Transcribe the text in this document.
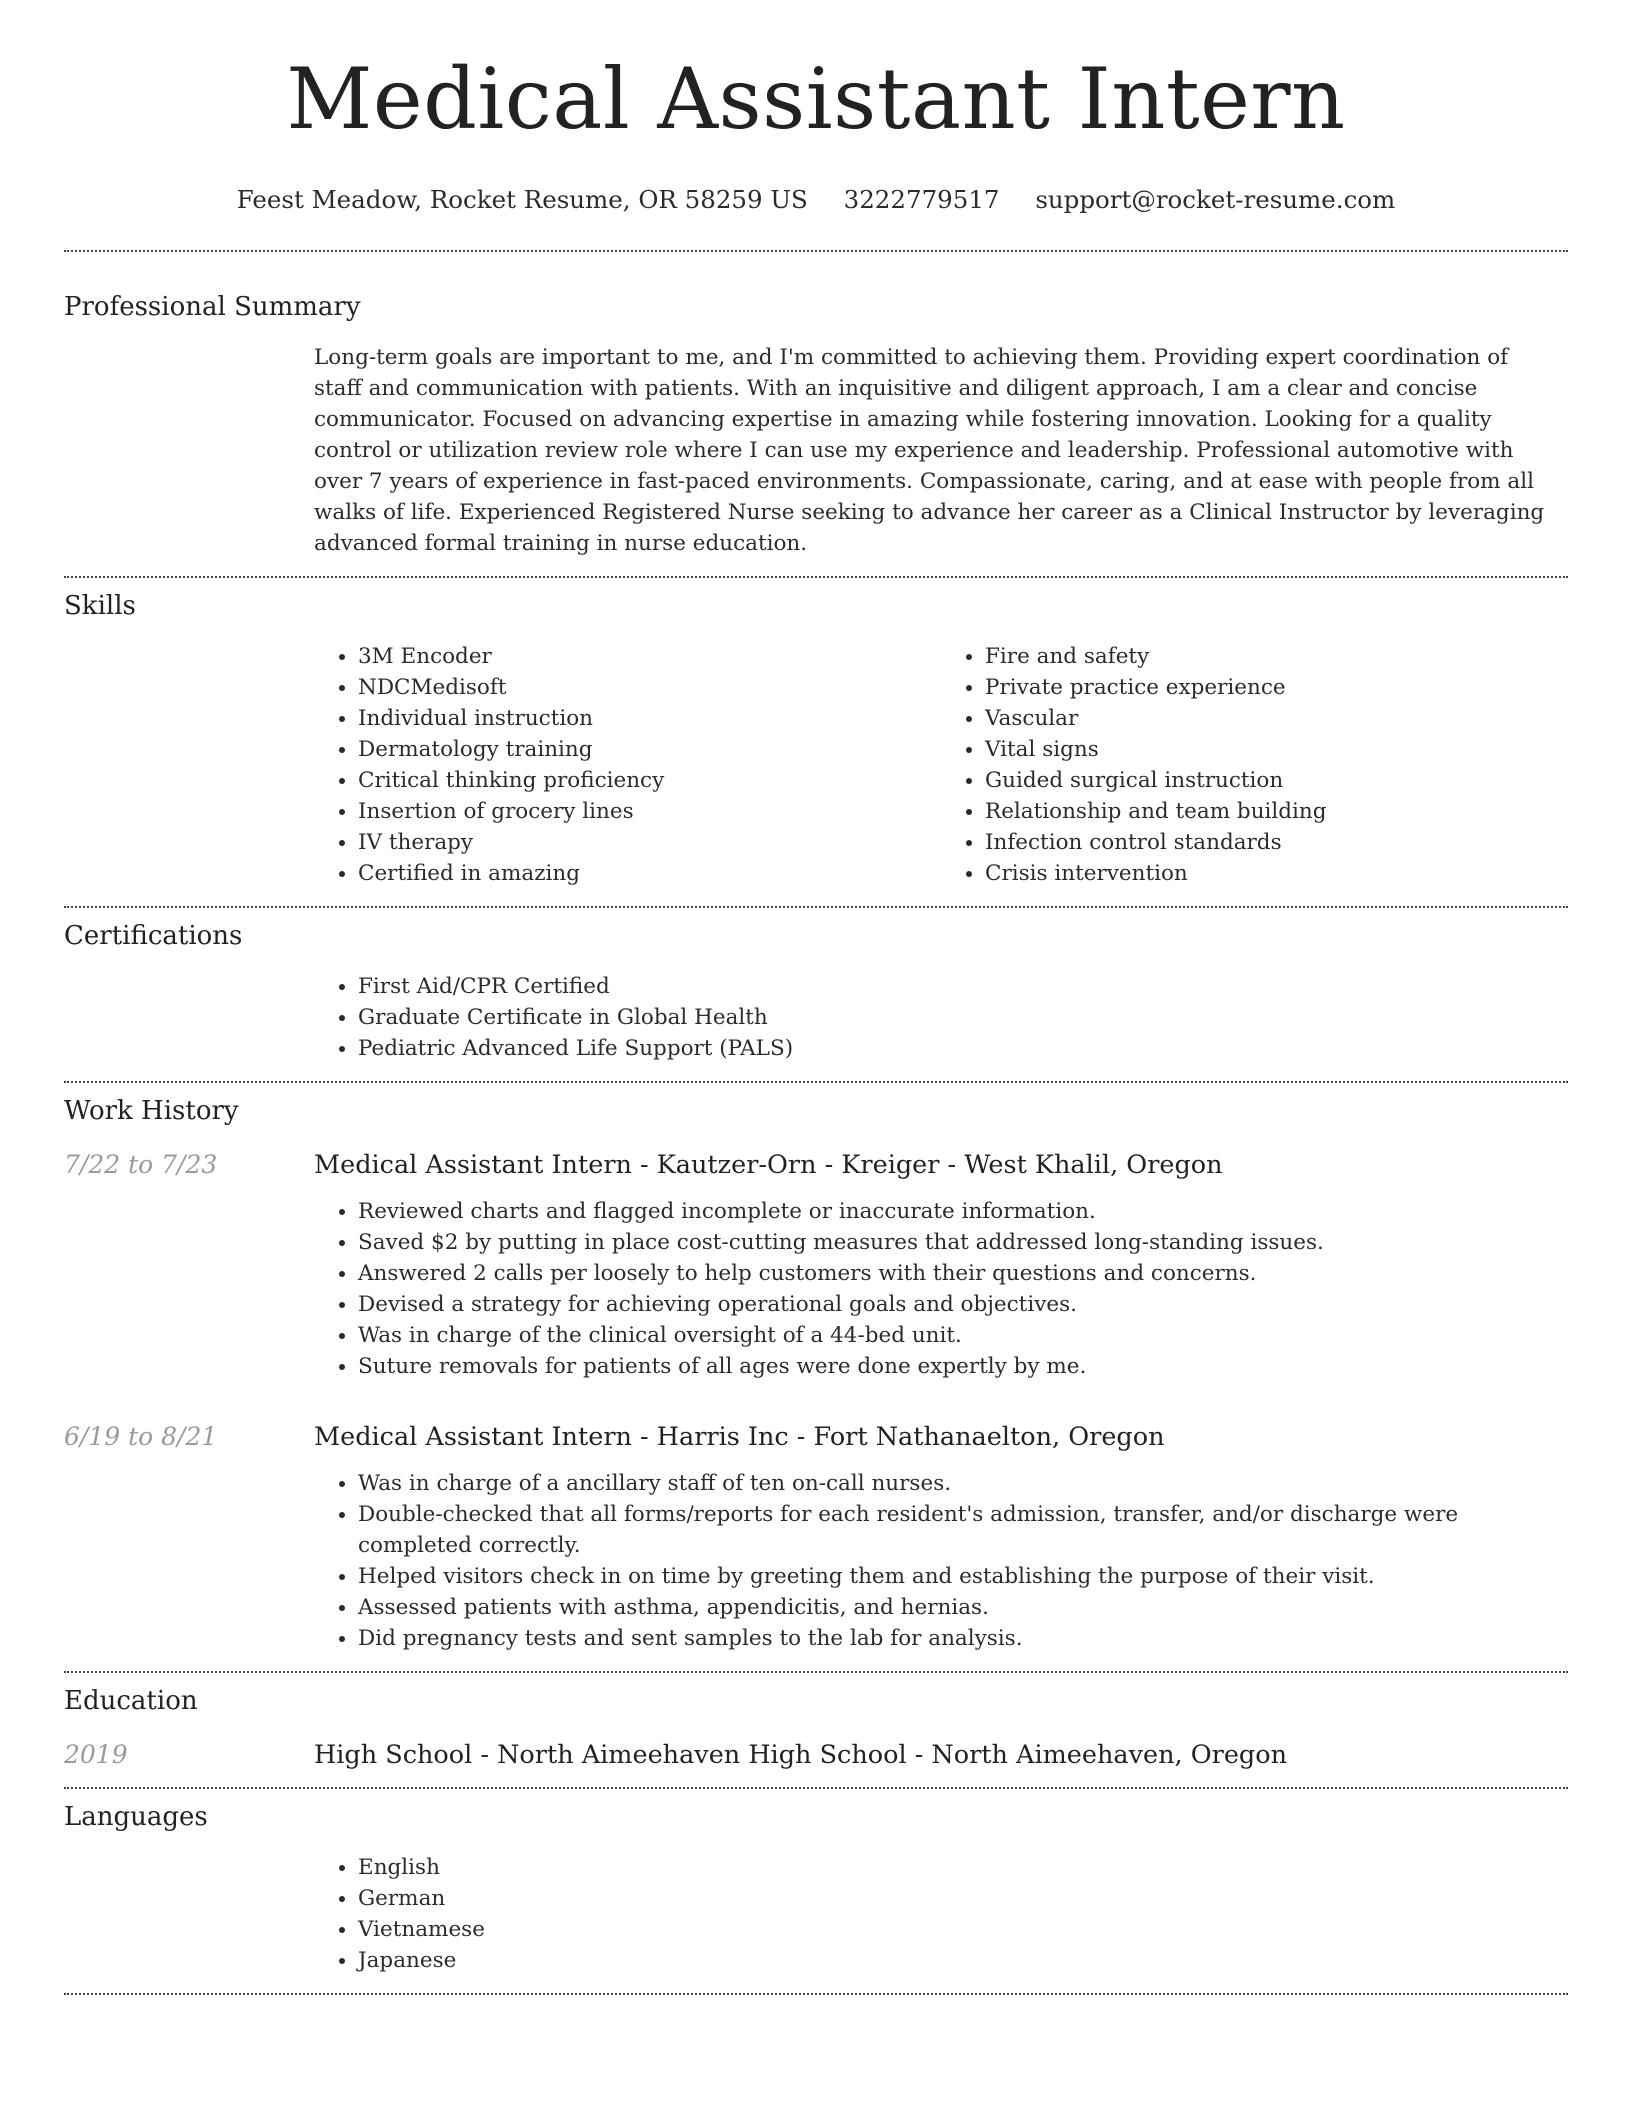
Medical Assistant Intern
Feest Meadow, Rocket Resume, OR 58259 US 3222779517 support@rocket-resume.com
Professional Summary

Long-term goals are important to me, and I'm committed to achieving them. Providing expert coordination of staff and communication with patients. With an inquisitive and diligent approach, I am a clear and concise communicator. Focused on advancing expertise in amazing while fostering innovation. Looking for a quality control or utilization review role where I can use my experience and leadership. Professional automotive with over 7 years of experience in fast-paced environments. Compassionate, caring, and at ease with people from all walks of life. Experienced Registered Nurse seeking to advance her career as a Clinical Instructor by leveraging advanced formal training in nurse education.

Skills
• 3M Encoder
• NDCMedisoft
• Individual instruction
• Dermatology training
• Critical thinking proficiency
• Insertion of grocery lines
• IV therapy
• Certified in amazing
• Fire and safety
• Private practice experience
• Vascular
• Vital signs
• Guided surgical instruction
• Relationship and team building
• Infection control standards
• Crisis intervention
Certifications
• First Aid/CPR Certified
• Graduate Certificate in Global Health
• Pediatric Advanced Life Support (PALS)
Work History
7/22 to 7/23	Medical Assistant Intern - Kautzer-Orn - Kreiger - West Khalil, Oregon
• Reviewed charts and flagged incomplete or inaccurate information.
• Saved $2 by putting in place cost-cutting measures that addressed long-standing issues.
• Answered 2 calls per loosely to help customers with their questions and concerns.
• Devised a strategy for achieving operational goals and objectives.
• Was in charge of the clinical oversight of a 44-bed unit.
• Suture removals for patients of all ages were done expertly by me.
6/19 to 8/21	Medical Assistant Intern - Harris Inc - Fort Nathanaelton, Oregon
• Was in charge of a ancillary staff of ten on-call nurses.
• Double-checked that all forms/reports for each resident's admission, transfer, and/or discharge were completed correctly.
• Helped visitors check in on time by greeting them and establishing the purpose of their visit.
• Assessed patients with asthma, appendicitis, and hernias.
• Did pregnancy tests and sent samples to the lab for analysis.
Education
2019	High School - North Aimeehaven High School - North Aimeehaven, Oregon
Languages
• English
• German
• Vietnamese
• Japanese
